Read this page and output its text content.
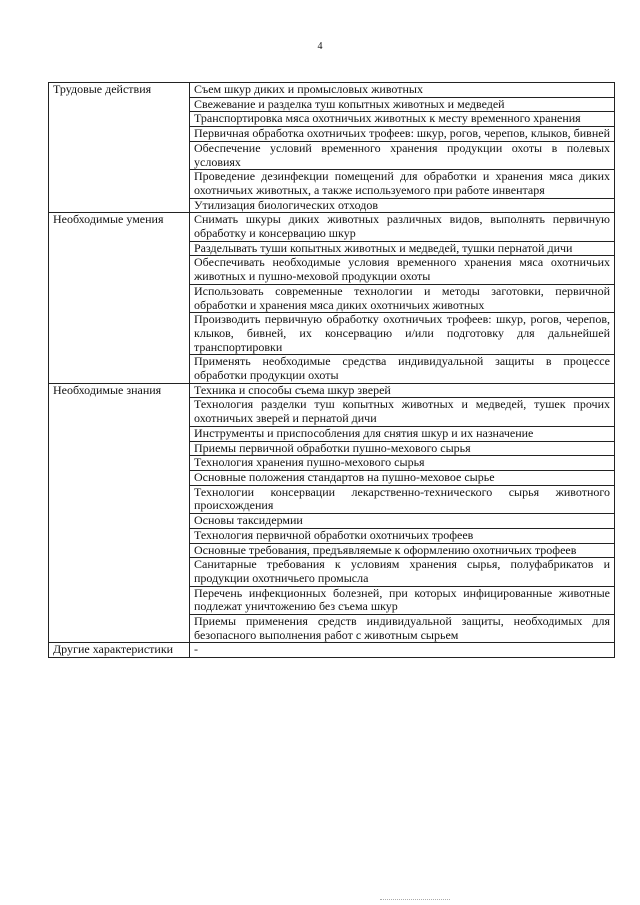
4
Трудовые действия	Съем шкур диких и промысловых животных
	Свежевание и разделка туш копытных животных и медведей
	Транспортировка мяса охотничьих животных к месту временного хранения
	Первичная обработка охотничьих трофеев: шкур, рогов, черепов, клыков, бивней
	Обеспечение условий временного хранения продукции охоты в полевых условиях
	Проведение дезинфекции помещений для обработки и хранения мяса диких охотничьих животных, а также используемого при работе инвентаря
	Утилизация биологических отходов
Необходимые умения	Снимать шкуры диких животных различных видов, выполнять первичную обработку и консервацию шкур
	Разделывать туши копытных животных и медведей, тушки пернатой дичи
	Обеспечивать необходимые условия временного хранения мяса охотничьих животных и пушно-меховой продукции охоты
	Использовать современные технологии и методы заготовки, первичной обработки и хранения мяса диких охотничьих животных
	Производить первичную обработку охотничьих трофеев: шкур, рогов, черепов, клыков, бивней, их консервацию и/или подготовку для дальнейшей транспортировки
	Применять необходимые средства индивидуальной защиты в процессе обработки продукции охоты
Необходимые знания	Техника и способы съема шкур зверей
	Технология разделки туш копытных животных и медведей, тушек прочих охотничьих зверей и пернатой дичи
	Инструменты и приспособления для снятия шкур и их назначение
	Приемы первичной обработки пушно-мехового сырья
	Технология хранения пушно-мехового сырья
	Основные положения стандартов на пушно-меховое сырье
	Технологии консервации лекарственно-технического сырья животного происхождения
	Основы таксидермии
	Технология первичной обработки охотничьих трофеев
	Основные требования, предъявляемые к оформлению охотничьих трофеев
	Санитарные требования к условиям хранения сырья, полуфабрикатов и продукции охотничьего промысла
	Перечень инфекционных болезней, при которых инфицированные животные подлежат уничтожению без съема шкур
	Приемы применения средств индивидуальной защиты, необходимых для безопасного выполнения работ с животным сырьем
Другие характеристики	-
